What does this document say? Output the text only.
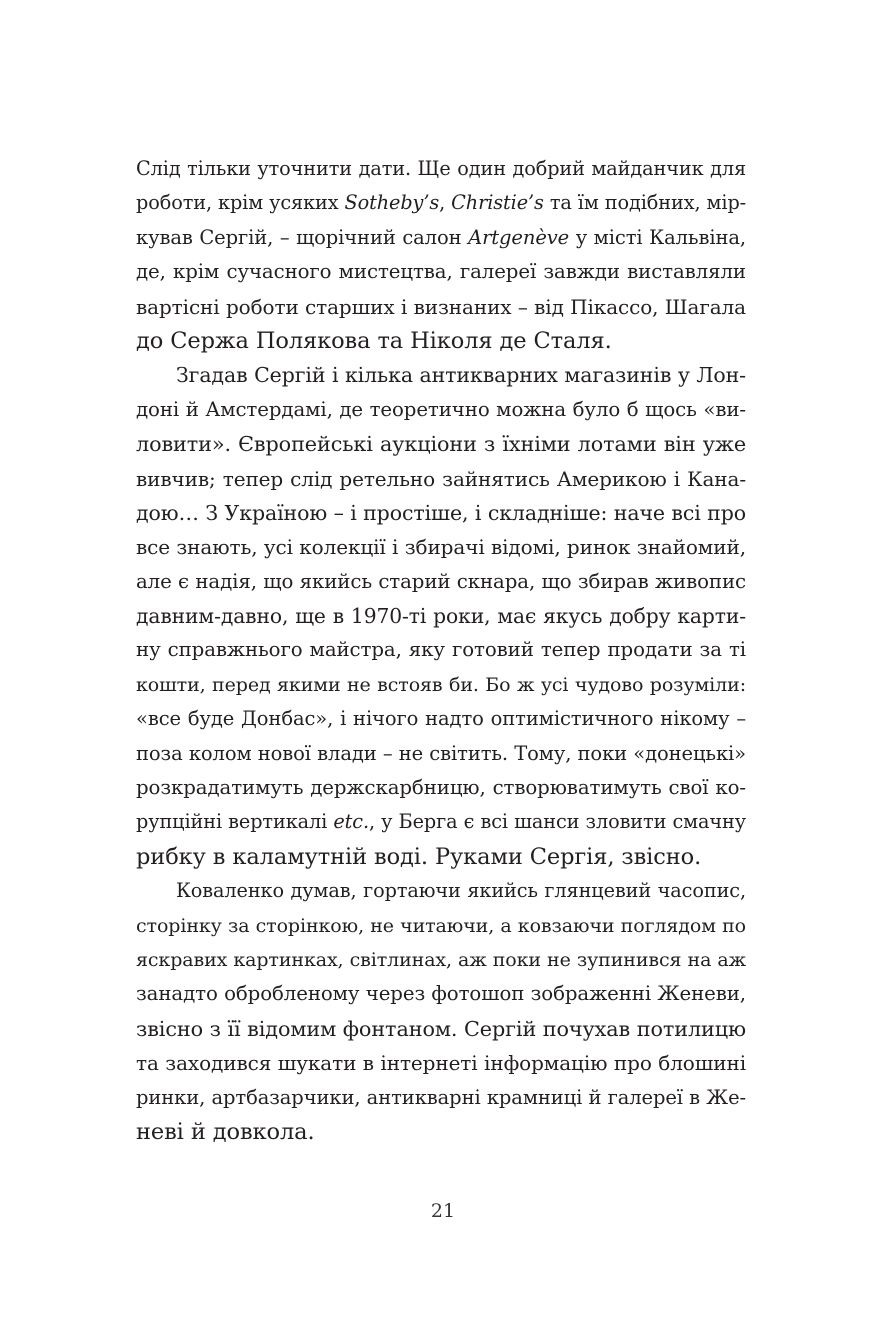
Слід тільки уточнити дати. Ще один добрий майданчик для
роботи, крім усяких Sotheby’s, Christie’s та їм подібних, мір-
кував Сергій, – щорічний салон Artgenève у місті Кальвіна,
де, крім сучасного мистецтва, галереї завжди виставляли
вартісні роботи старших і визнаних – від Пікассо, Шагала
до Сержа Полякова та Ніколя де Сталя.
Згадав Сергій і кілька антикварних магазинів у Лон-
доні й Амстердамі, де теоретично можна було б щось «ви-
ловити». Європейські аукціони з їхніми лотами він уже
вивчив; тепер слід ретельно зайнятись Америкою і Кана-
дою… З Україною – і простіше, і складніше: наче всі про
все знають, усі колекції і збирачі відомі, ринок знайомий,
але є надія, що якийсь старий скнара, що збирав живопис
давним-давно, ще в 1970-ті роки, має якусь добру карти-
ну справжнього майстра, яку готовий тепер продати за ті
кошти, перед якими не встояв би. Бо ж усі чудово розуміли:
«все буде Донбас», і нічого надто оптимістичного нікому –
поза колом нової влади – не світить. Тому, поки «донецькі»
розкрадатимуть держскарбницю, створюватимуть свої ко-
рупційні вертикалі etc., у Берга є всі шанси зловити смачну
рибку в каламутній воді. Руками Сергія, звісно.
Коваленко думав, гортаючи якийсь глянцевий часопис,
сторінку за сторінкою, не читаючи, а ковзаючи поглядом по
яскравих картинках, світлинах, аж поки не зупинився на аж
занадто обробленому через фотошоп зображенні Женеви,
звісно з її відомим фонтаном. Сергій почухав потилицю
та заходився шукати в інтернеті інформацію про блошині
ринки, артбазарчики, антикварні крамниці й галереї в Же-
неві й довкола.
21
